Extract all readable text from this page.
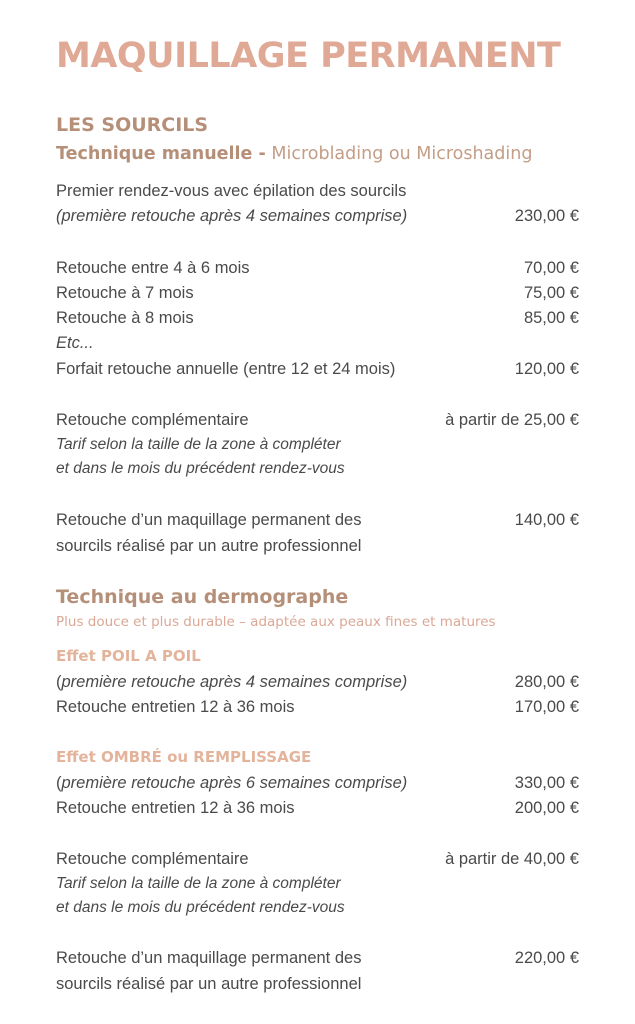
MAQUILLAGE PERMANENT
LES SOURCILS

Technique manuelle - Microblading ou Microshading

Premier rendez-vous avec épilation des sourcils

(première retouche après 4 semaines comprise)	230,00 €

Retouche entre 4 à 6 mois	70,00 €

Retouche à 7 mois	75,00 €

Retouche à 8 mois	85,00 €

Etc...

Forfait retouche annuelle (entre 12 et 24 mois)	120,00 €

Retouche complémentaire	à partir de 25,00 €

Tarif selon la taille de la zone à compléter

et dans le mois du précédent rendez-vous

Retouche d’un maquillage permanent des	140,00 €

sourcils réalisé par un autre professionnel

Technique au dermographe

Plus douce et plus durable – adaptée aux peaux fines et matures

Effet POIL A POIL

(première retouche après 4 semaines comprise)	280,00 €

Retouche entretien 12 à 36 mois	170,00 €

Effet OMBRÉ ou REMPLISSAGE

(première retouche après 6 semaines comprise)	330,00 €

Retouche entretien 12 à 36 mois	200,00 €

Retouche complémentaire	à partir de 40,00 €

Tarif selon la taille de la zone à compléter

et dans le mois du précédent rendez-vous

Retouche d’un maquillage permanent des	220,00 €

sourcils réalisé par un autre professionnel
